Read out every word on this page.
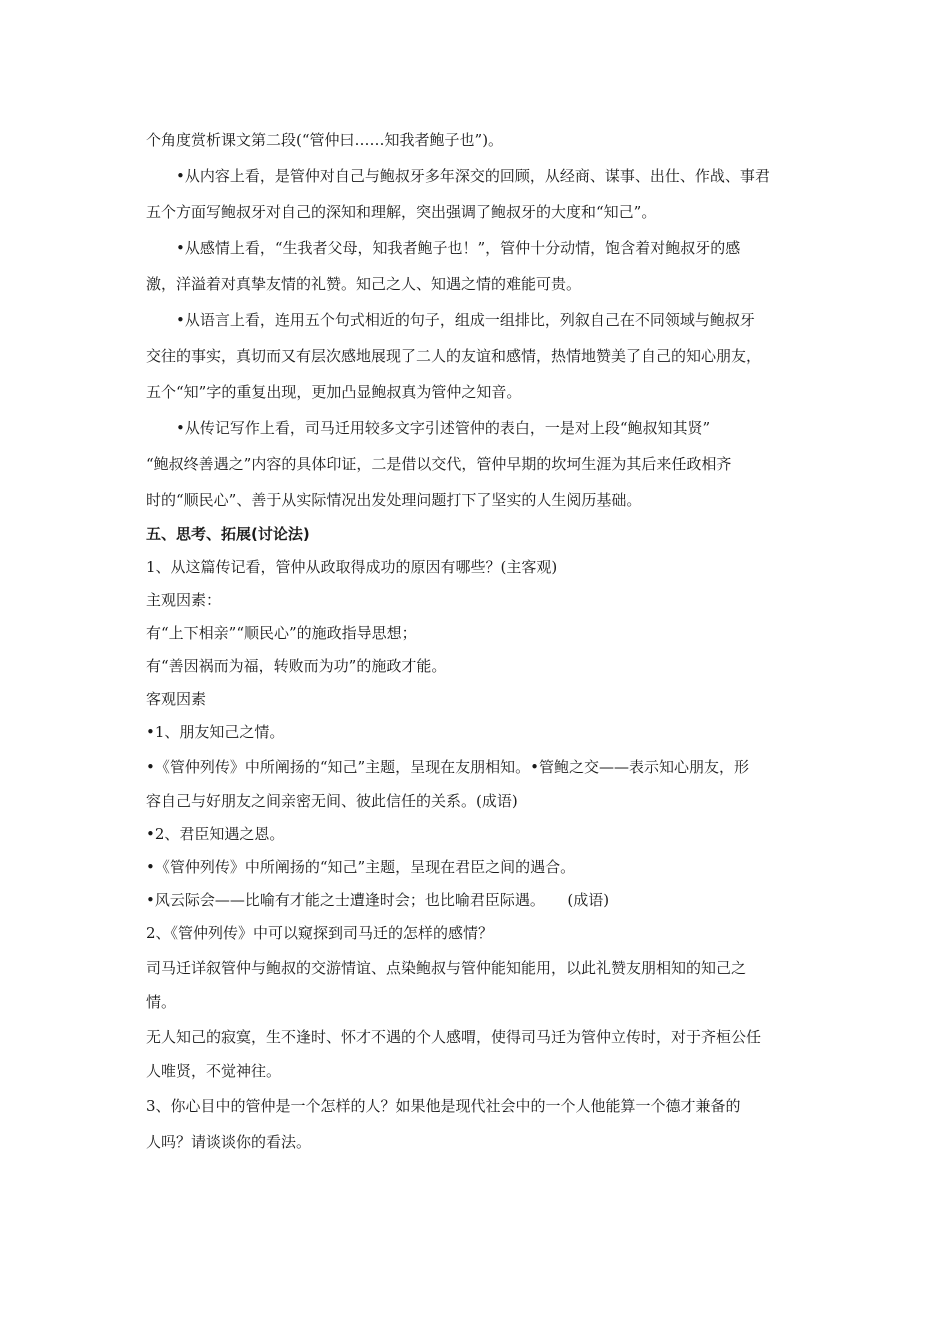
个角度赏析课文第二段(“管仲曰……知我者鲍子也”)。
•从内容上看，是管仲对自己与鲍叔牙多年深交的回顾，从经商、谋事、出仕、作战、事君
五个方面写鲍叔牙对自己的深知和理解，突出强调了鲍叔牙的大度和“知己”。
•从感情上看，“生我者父母，知我者鲍子也！”，管仲十分动情，饱含着对鲍叔牙的感
激，洋溢着对真挚友情的礼赞。知己之人、知遇之情的难能可贵。
•从语言上看，连用五个句式相近的句子，组成一组排比，列叙自己在不同领域与鲍叔牙
交往的事实，真切而又有层次感地展现了二人的友谊和感情，热情地赞美了自己的知心朋友，
五个“知”字的重复出现，更加凸显鲍叔真为管仲之知音。
•从传记写作上看，司马迁用较多文字引述管仲的表白，一是对上段“鲍叔知其贤”
“鲍叔终善遇之”内容的具体印证，二是借以交代，管仲早期的坎坷生涯为其后来任政相齐
时的“顺民心”、善于从实际情况出发处理问题打下了坚实的人生阅历基础。
五、思考、拓展(讨论法)
1、从这篇传记看，管仲从政取得成功的原因有哪些？(主客观)
主观因素：
有“上下相亲”“顺民心”的施政指导思想；
有“善因祸而为福，转败而为功”的施政才能。
客观因素
•1、朋友知己之情。
•《管仲列传》中所阐扬的“知己”主题，呈现在友朋相知。•管鲍之交——表示知心朋友，形
容自己与好朋友之间亲密无间、彼此信任的关系。(成语)
•2、君臣知遇之恩。
•《管仲列传》中所阐扬的“知己”主题，呈现在君臣之间的遇合。
•风云际会——比喻有才能之士遭逢时会；也比喻君臣际遇。　　(成语)
2、《管仲列传》中可以窥探到司马迁的怎样的感情？
司马迁详叙管仲与鲍叔的交游情谊、点染鲍叔与管仲能知能用，以此礼赞友朋相知的知己之
情。
无人知己的寂寞，生不逢时、怀才不遇的个人感喟，使得司马迁为管仲立传时，对于齐桓公任
人唯贤，不觉神往。
3、你心目中的管仲是一个怎样的人？如果他是现代社会中的一个人他能算一个德才兼备的
人吗？请谈谈你的看法。
